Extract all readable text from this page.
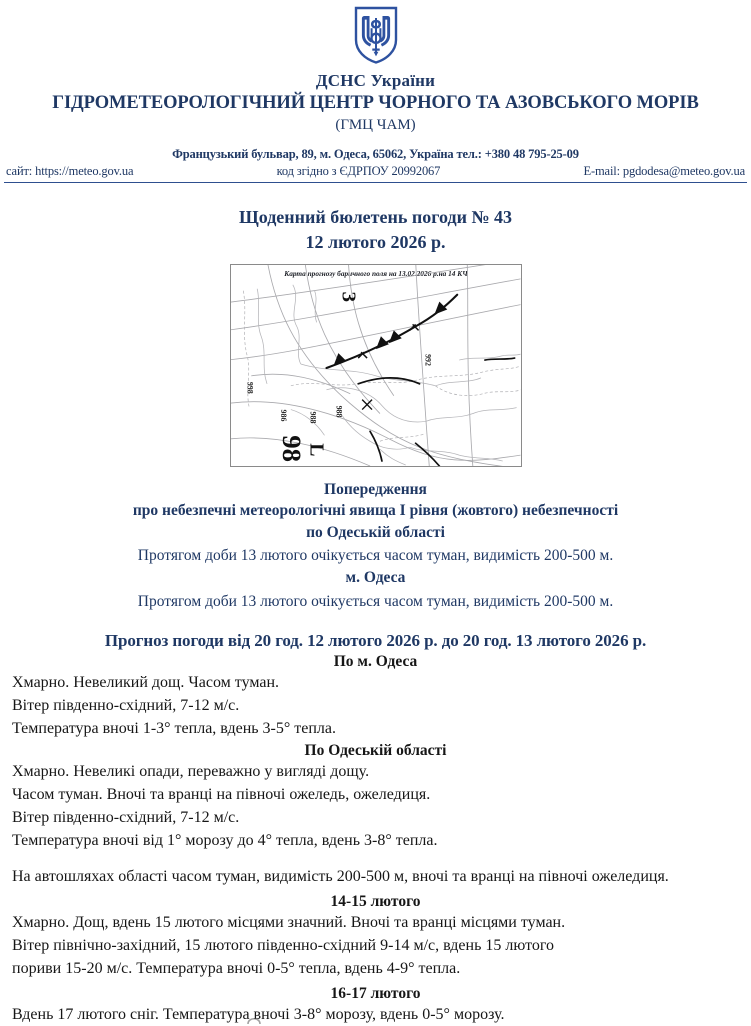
ДСНС України
ГІДРОМЕТЕОРОЛОГІЧНИЙ ЦЕНТР ЧОРНОГО ТА АЗОВСЬКОГО МОРІВ
(ГМЦ ЧАМ)
Французький бульвар, 89, м. Одеса, 65062, Україна тел.: +380 48 795-25-09
сайт: https://meteo.gov.ua	код згідно з ЄДРПОУ 20992067	E-mail: pgdodesa@meteo.gov.ua
Щоденний бюлетень погоди № 43
12 лютого 2026 р.
Карта прогнозу баричного поля на 13.02.2026 р.на 14 КЧ
З
98
L
998
986	988
988
992
Попередження
про небезпечні метеорологічні явища I рівня (жовтого) небезпечності
по Одеській області
Протягом доби 13 лютого очікується часом туман, видимість 200-500 м.
м. Одеса
Протягом доби 13 лютого очікується часом туман, видимість 200-500 м.
Прогноз погоди від 20 год. 12 лютого 2026 р. до 20 год. 13 лютого 2026 р.
По м. Одеса

Хмарно. Невеликий дощ. Часом туман.

Вітер південно-східний, 7-12 м/с.

Температура вночі 1-3° тепла, вдень 3-5° тепла.

По Одеській області

Хмарно. Невеликі опади, переважно у вигляді дощу.

Часом туман. Вночі та вранці на півночі ожеледь, ожеледиця.

Вітер південно-східний, 7-12 м/с.

Температура вночі від 1° морозу до 4° тепла, вдень 3-8° тепла.

На автошляхах області часом туман, видимість 200-500 м, вночі та вранці на півночі ожеледиця.

14-15 лютого

Хмарно. Дощ, вдень 15 лютого місцями значний. Вночі та вранці місцями туман.

Вітер північно-західний, 15 лютого південно-східний 9-14 м/с, вдень 15 лютого

пориви 15-20 м/с. Температура вночі 0-5° тепла, вдень 4-9° тепла.

16-17 лютого

Вдень 17 лютого сніг. Температура вночі 3-8° морозу, вдень 0-5° морозу.
